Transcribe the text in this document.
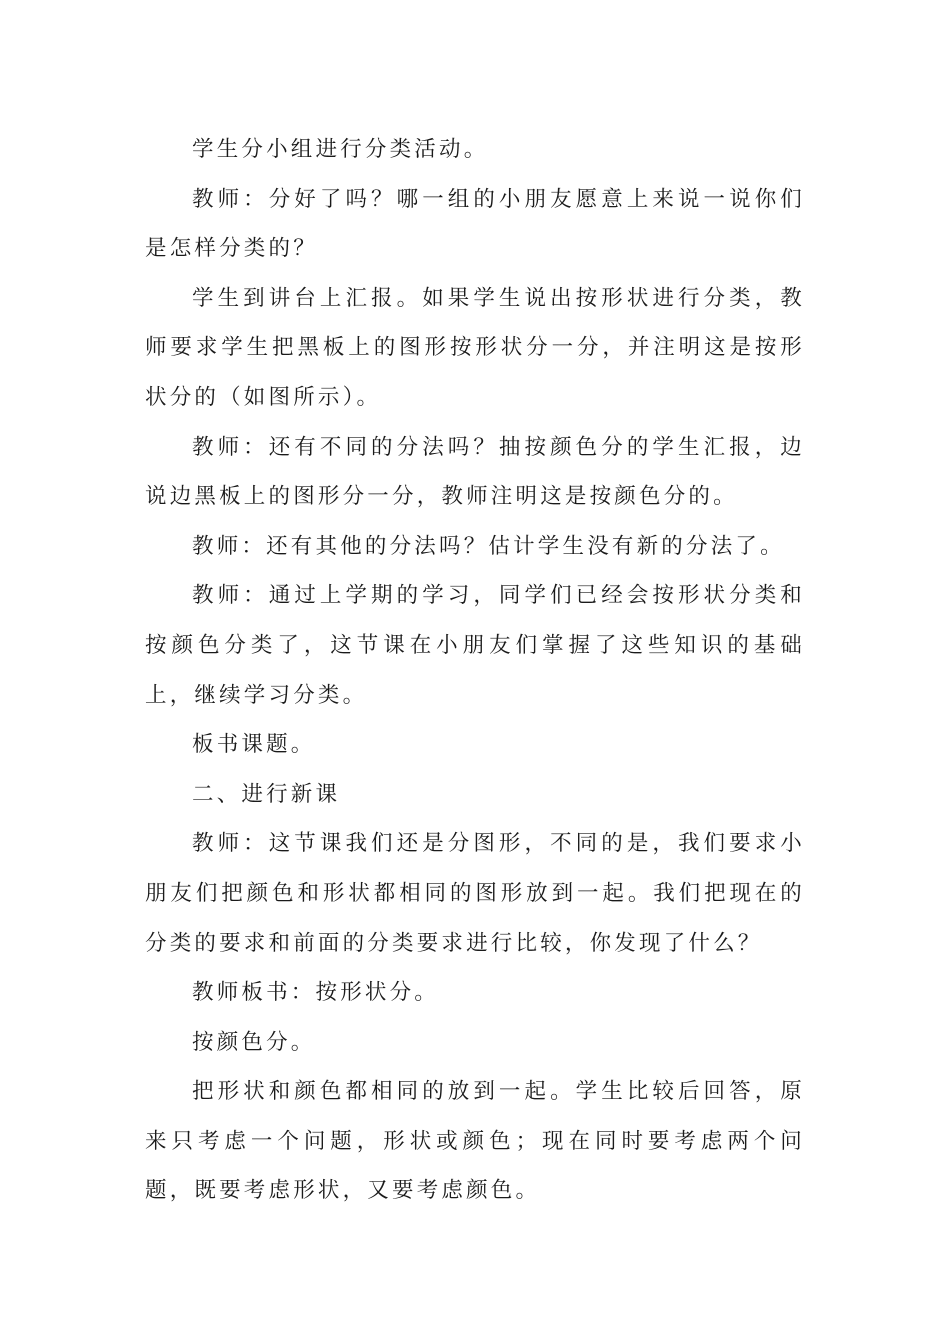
学生分小组进行分类活动。

教师：分好了吗？哪一组的小朋友愿意上来说一说你们是怎样分类的？

学生到讲台上汇报。如果学生说出按形状进行分类，教师要求学生把黑板上的图形按形状分一分，并注明这是按形状分的（如图所示）。

教师：还有不同的分法吗？抽按颜色分的学生汇报，边说边黑板上的图形分一分，教师注明这是按颜色分的。

教师：还有其他的分法吗？估计学生没有新的分法了。

教师：通过上学期的学习，同学们已经会按形状分类和按颜色分类了，这节课在小朋友们掌握了这些知识的基础上，继续学习分类。

板书课题。

二、进行新课

教师：这节课我们还是分图形，不同的是，我们要求小朋友们把颜色和形状都相同的图形放到一起。我们把现在的分类的要求和前面的分类要求进行比较，你发现了什么？

教师板书：按形状分。

按颜色分。

把形状和颜色都相同的放到一起。学生比较后回答，原来只考虑一个问题，形状或颜色；现在同时要考虑两个问题，既要考虑形状，又要考虑颜色。
